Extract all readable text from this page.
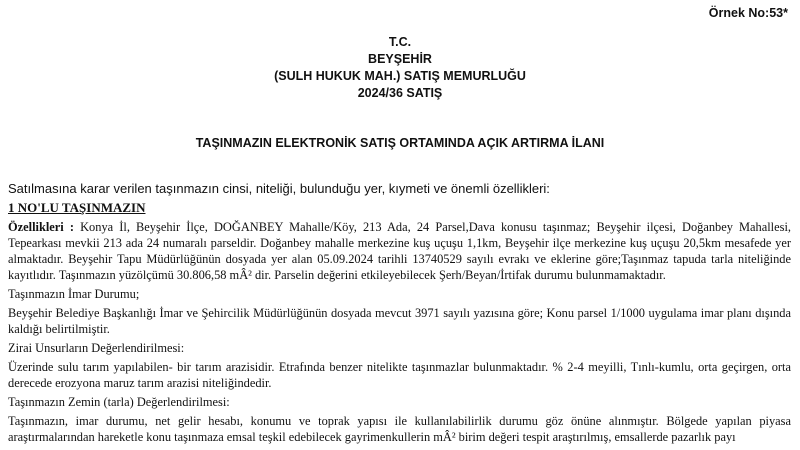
Örnek No:53*
T.C.
BEYŞEHİR
(SULH HUKUK MAH.) SATIŞ MEMURLUĞU
2024/36 SATIŞ
TAŞINMAZIN ELEKTRONİK SATIŞ ORTAMINDA AÇIK ARTIRMA İLANI
Satılmasına karar verilen taşınmazın cinsi, niteliği, bulunduğu yer, kıymeti ve önemli özellikleri:
1 NO'LU TAŞINMAZIN

Özellikleri : Konya İl, Beyşehir İlçe, DOĞANBEY Mahalle/Köy, 213 Ada, 24 Parsel,Dava konusu taşınmaz; Beyşehir ilçesi, Doğanbey Mahallesi, Tepearkası mevkii 213 ada 24 numaralı parseldir. Doğanbey mahalle merkezine kuş uçuşu 1,1km, Beyşehir ilçe merkezine kuş uçuşu 20,5km mesafede yer almaktadır. Beyşehir Tapu Müdürlüğünün dosyada yer alan 05.09.2024 tarihli 13740529 sayılı evrakı ve eklerine göre;Taşınmaz tapuda tarla niteliğinde kayıtlıdır. Taşınmazın yüzölçümü 30.806,58 mÂ² dir. Parselin değerini etkileyebilecek Şerh/Beyan/İrtifak durumu bulunmamaktadır.

Taşınmazın İmar Durumu;

Beyşehir Belediye Başkanlığı İmar ve Şehircilik Müdürlüğünün dosyada mevcut 3971 sayılı yazısına göre; Konu parsel 1/1000 uygulama imar planı dışında kaldığı belirtilmiştir.

Zirai Unsurların Değerlendirilmesi:

Üzerinde sulu tarım yapılabilen- bir tarım arazisidir. Etrafında benzer nitelikte taşınmazlar bulunmaktadır. % 2-4 meyilli, Tınlı-kumlu, orta geçirgen, orta derecede erozyona maruz tarım arazisi niteliğindedir.

Taşınmazın Zemin (tarla) Değerlendirilmesi:

Taşınmazın, imar durumu, net gelir hesabı, konumu ve toprak yapısı ile kullanılabilirlik durumu göz önüne alınmıştır. Bölgede yapılan piyasa araştırmalarından hareketle konu taşınmaza emsal teşkil edebilecek gayrimenkullerin mÂ² birim değeri tespit araştırılmış, emsallerde pazarlık payı
